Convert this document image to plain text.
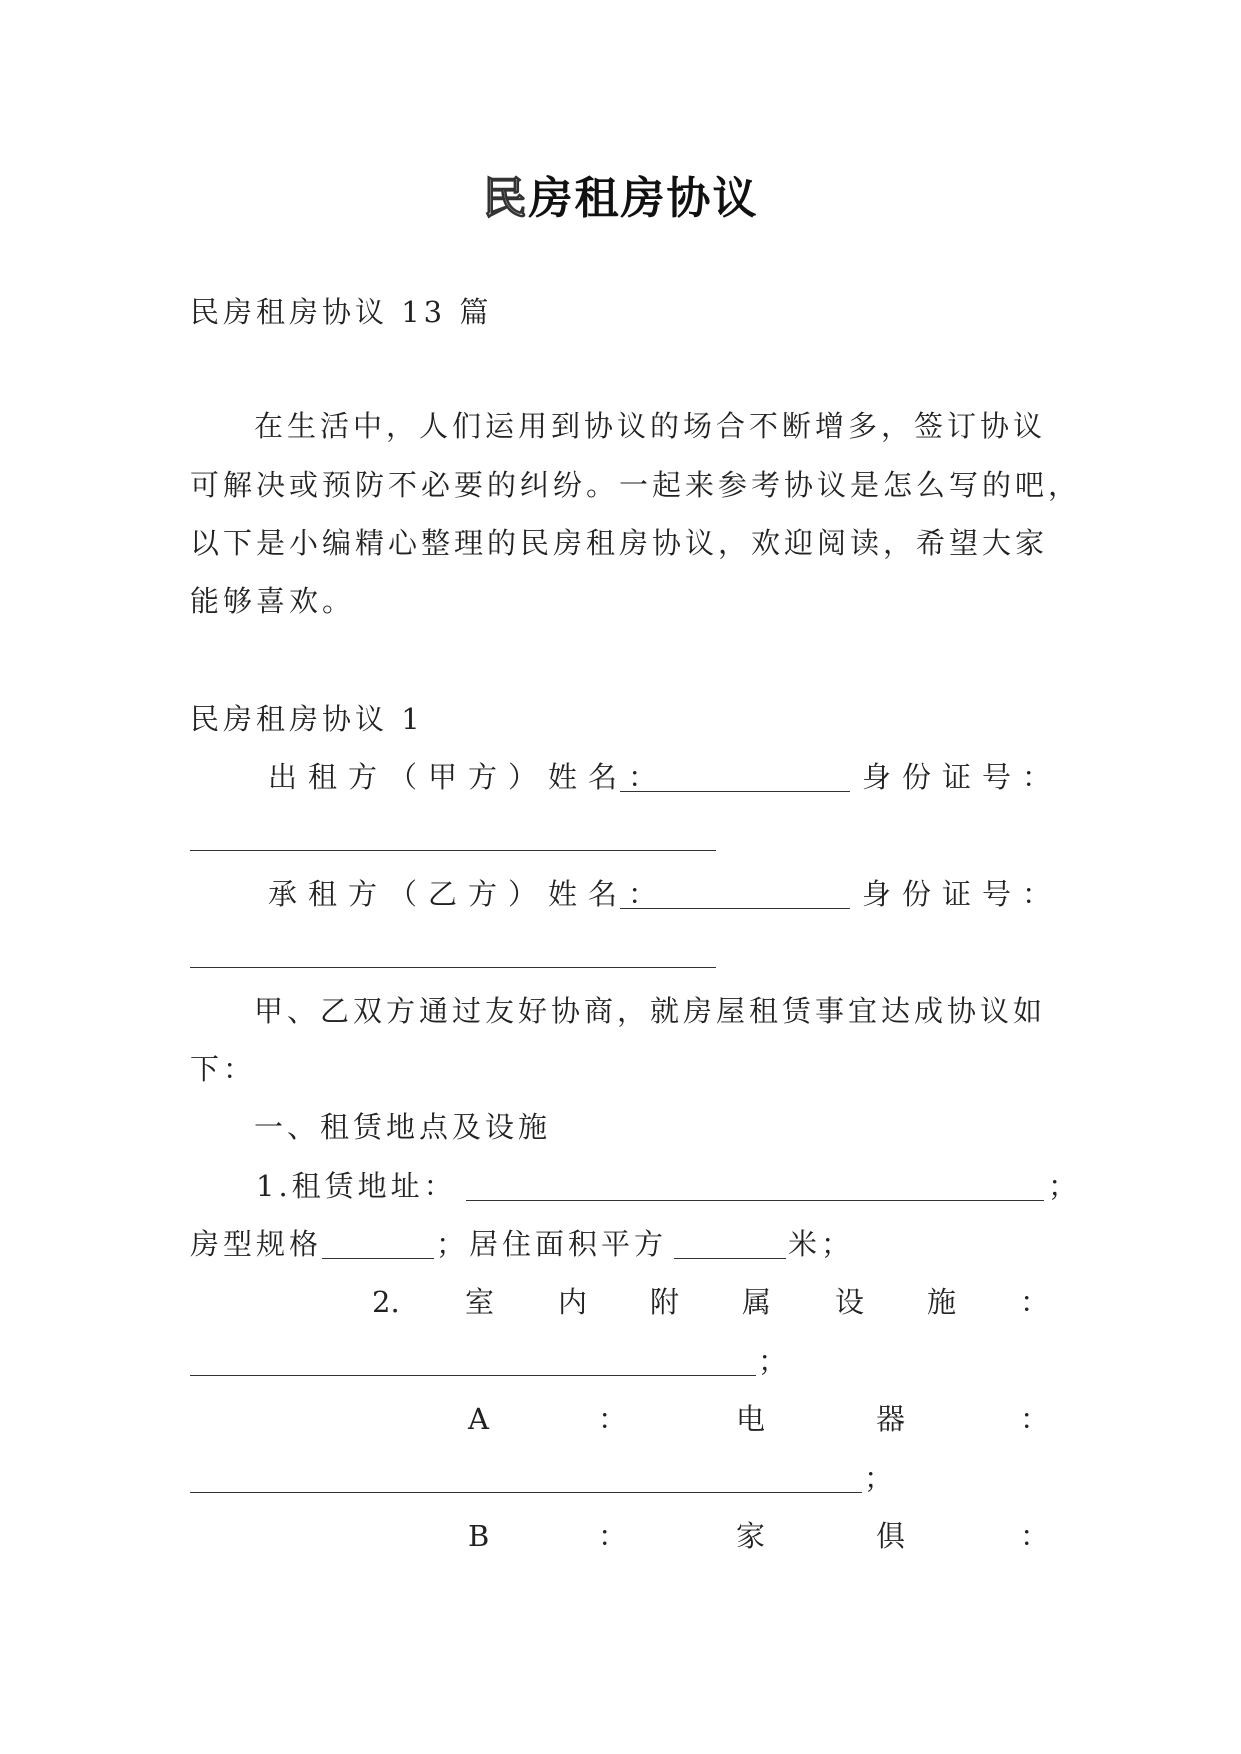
民房租房协议
民房租房协议 13 篇
在生活中，人们运用到协议的场合不断增多，签订协议
可解决或预防不必要的纠纷。一起来参考协议是怎么写的吧，
以下是小编精心整理的民房租房协议，欢迎阅读，希望大家
能够喜欢。
民房租房协议 1
出租方（甲方）姓名：	身份证号：
承租方（乙方）姓名：	身份证号：
甲、乙双方通过友好协商，就房屋租赁事宜达成协议如
下：
一、租赁地点及设施
1.租赁地址：	；
房型规格	；居住面积平方	米；
2. 室 内 附 属 设 施 ：
；
A	：	电	器	：
；
B	：	家	俱	：
